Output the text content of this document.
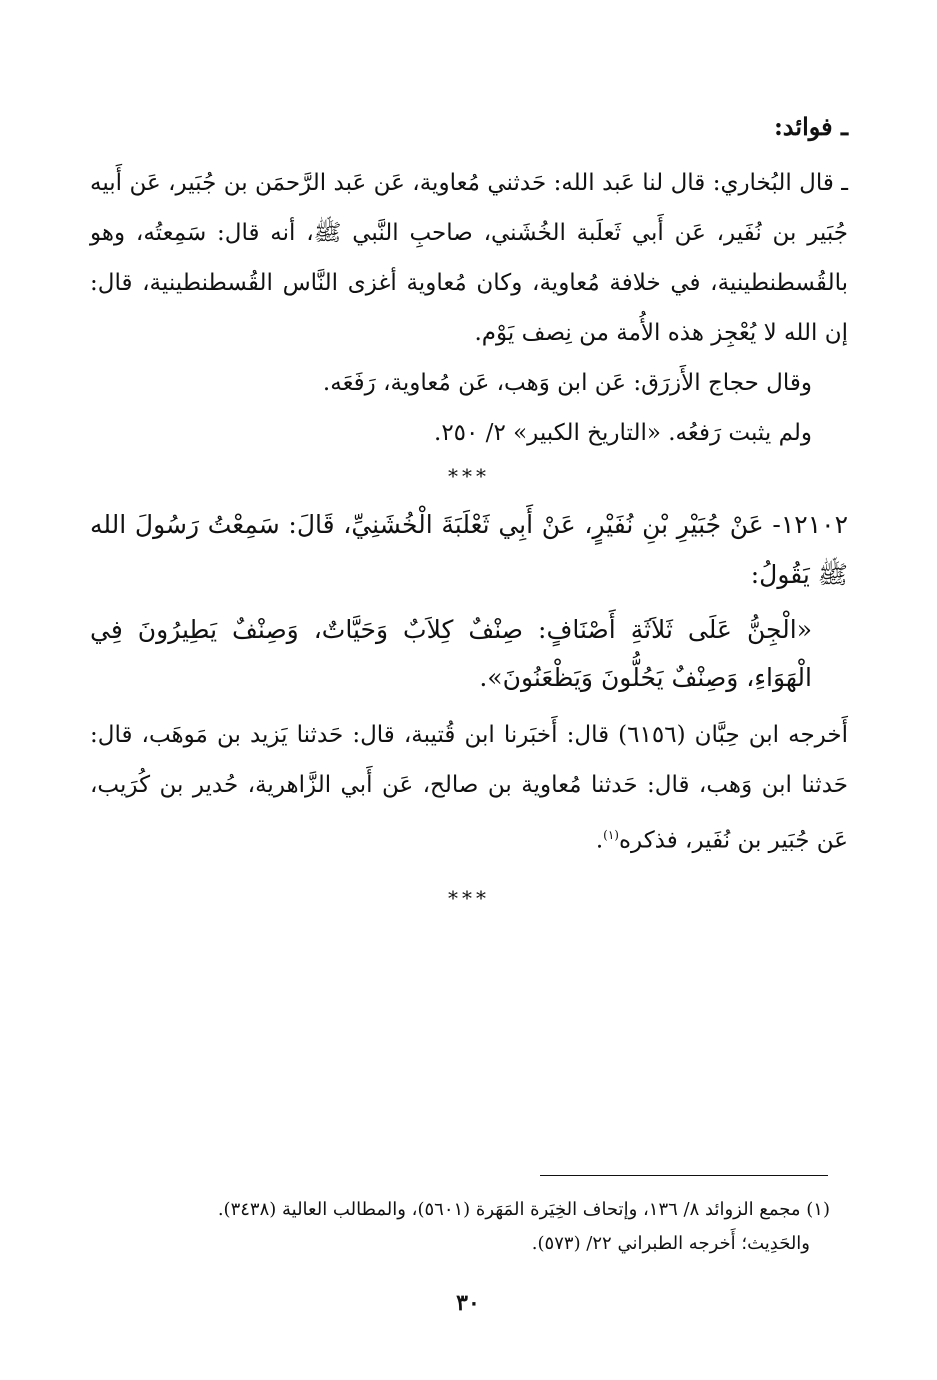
ـ فوائد:

ـ قال البُخاري: قال لنا عَبد الله: حَدثني مُعاوية، عَن عَبد الرَّحمَن بن جُبَير، عَن أَبيه جُبَير بن نُفَير، عَن أَبي ثَعلَبة الخُشَني، صاحبِ النَّبي ﷺ، أنه قال: سَمِعتُه، وهو بالقُسطنطينية، في خلافة مُعاوية، وكان مُعاوية أغزى النَّاس القُسطنطينية، قال: إن الله لا يُعْجِز هذه الأُمة من نِصف يَوْم.

وقال حجاج الأَزرَق: عَن ابن وَهب، عَن مُعاوية، رَفَعَه.

ولم يثبت رَفعُه. «التاريخ الكبير» ٢/ ٢٥٠.

***

١٢١٠٢- عَنْ جُبَيْرِ بْنِ نُفَيْرٍ، عَنْ أَبِي ثَعْلَبَةَ الْخُشَنِيِّ، قَالَ: سَمِعْتُ رَسُولَ الله ﷺ يَقُولُ:

«الْجِنُّ عَلَى ثَلاَثَةِ أَصْنَافٍ: صِنْفٌ كِلاَبٌ وَحَيَّاتٌ، وَصِنْفٌ يَطِيرُونَ فِي الْهَوَاءِ، وَصِنْفٌ يَحُلُّونَ وَيَظْعَنُونَ».

أَخرجه ابن حِبَّان (٦١٥٦) قال: أَخبَرنا ابن قُتيبة، قال: حَدثنا يَزيد بن مَوهَب، قال: حَدثنا ابن وَهب، قال: حَدثنا مُعاوية بن صالح، عَن أَبي الزَّاهرية، حُدير بن كُرَيب، عَن جُبَير بن نُفَير، فذكره$^{(١)}$.

***
(١) مجمع الزوائد ٨/ ١٣٦، وإتحاف الخِيَرة المَهَرة (٥٦٠١)، والمطالب العالية (٣٤٣٨).
والحَدِيث؛ أَخرجه الطبراني ٢٢/ (٥٧٣).
٣٠
